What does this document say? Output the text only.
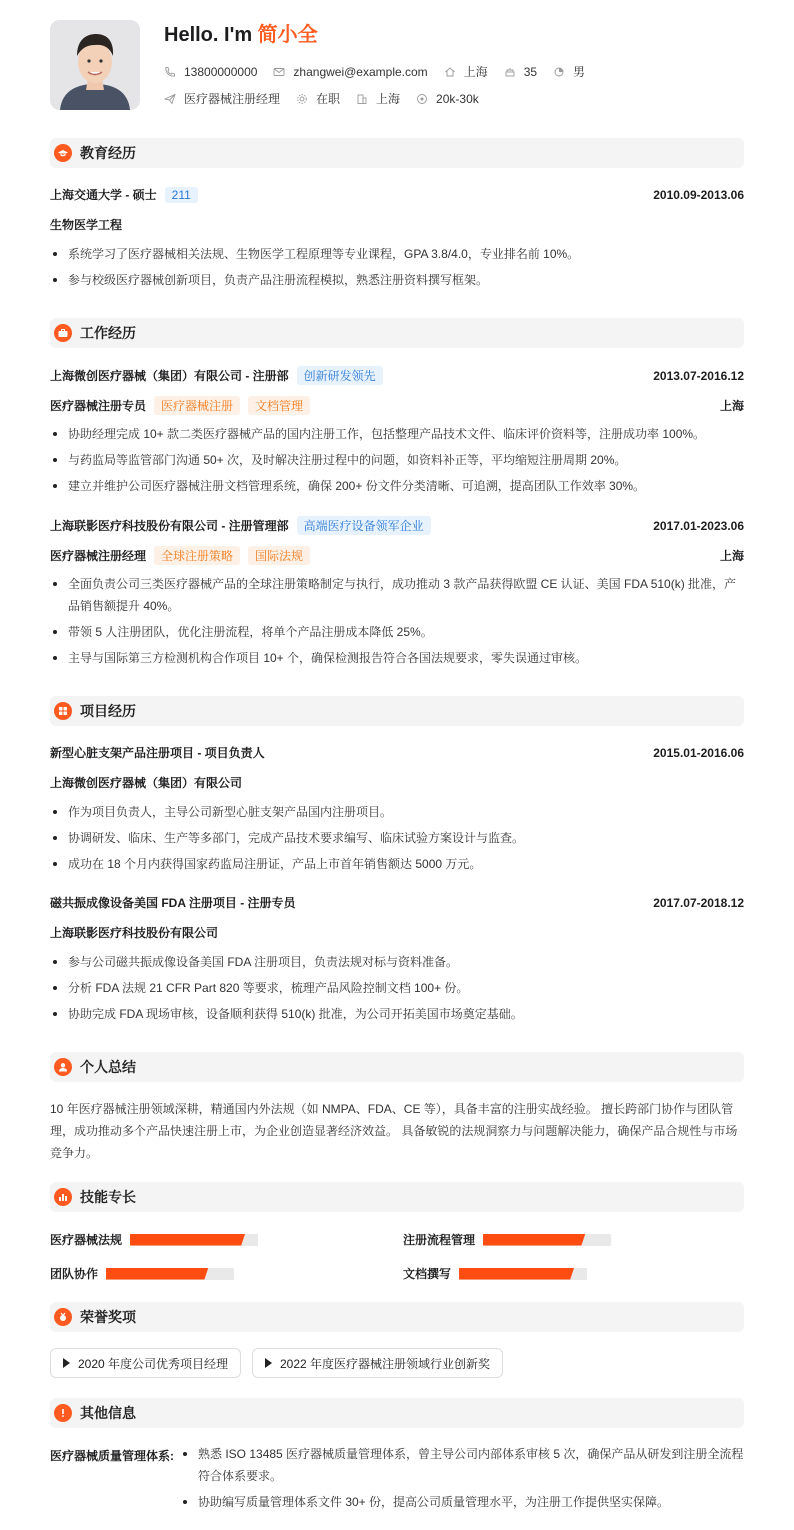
Hello. I'm 简小全
13800000000	zhangwei@example.com	上海	35	男
医疗器械注册经理	在职	上海	20k-30k
教育经历
上海交通大学 - 硕士	211	2010.09-2013.06
生物医学工程
系统学习了医疗器械相关法规、生物医学工程原理等专业课程，GPA 3.8/4.0，专业排名前 10%。
参与校级医疗器械创新项目，负责产品注册流程模拟，熟悉注册资料撰写框架。
工作经历
上海微创医疗器械（集团）有限公司 - 注册部	创新研发领先	2013.07-2016.12
医疗器械注册专员	医疗器械注册	文档管理	上海
协助经理完成 10+ 款二类医疗器械产品的国内注册工作，包括整理产品技术文件、临床评价资料等，注册成功率 100%。
与药监局等监管部门沟通 50+ 次，及时解决注册过程中的问题，如资料补正等，平均缩短注册周期 20%。
建立并维护公司医疗器械注册文档管理系统，确保 200+ 份文件分类清晰、可追溯，提高团队工作效率 30%。
上海联影医疗科技股份有限公司 - 注册管理部	高端医疗设备领军企业	2017.01-2023.06
医疗器械注册经理	全球注册策略	国际法规	上海
全面负责公司三类医疗器械产品的全球注册策略制定与执行，成功推动 3 款产品获得欧盟 CE 认证、美国 FDA 510(k) 批准，产品销售额提升 40%。
带领 5 人注册团队，优化注册流程，将单个产品注册成本降低 25%。
主导与国际第三方检测机构合作项目 10+ 个，确保检测报告符合各国法规要求，零失误通过审核。
项目经历
新型心脏支架产品注册项目 - 项目负责人	2015.01-2016.06
上海微创医疗器械（集团）有限公司
作为项目负责人，主导公司新型心脏支架产品国内注册项目。
协调研发、临床、生产等多部门，完成产品技术要求编写、临床试验方案设计与监查。
成功在 18 个月内获得国家药监局注册证，产品上市首年销售额达 5000 万元。
磁共振成像设备美国 FDA 注册项目 - 注册专员	2017.07-2018.12
上海联影医疗科技股份有限公司
参与公司磁共振成像设备美国 FDA 注册项目，负责法规对标与资料准备。
分析 FDA 法规 21 CFR Part 820 等要求，梳理产品风险控制文档 100+ 份。
协助完成 FDA 现场审核，设备顺利获得 510(k) 批准，为公司开拓美国市场奠定基础。
个人总结
10 年医疗器械注册领域深耕，精通国内外法规（如 NMPA、FDA、CE 等），具备丰富的注册实战经验。 擅长跨部门协作与团队管理，成功推动多个产品快速注册上市，为企业创造显著经济效益。 具备敏锐的法规洞察力与问题解决能力，确保产品合规性与市场竞争力。
技能专长
医疗器械法规	注册流程管理
团队协作	文档撰写
荣誉奖项
2020 年度公司优秀项目经理	2022 年度医疗器械注册领域行业创新奖
其他信息
医疗器械质量管理体系:	熟悉 ISO 13485 医疗器械质量管理体系，曾主导公司内部体系审核 5 次，确保产品从研发到注册全流程符合体系要求。
协助编写质量管理体系文件 30+ 份，提高公司质量管理水平，为注册工作提供坚实保障。
